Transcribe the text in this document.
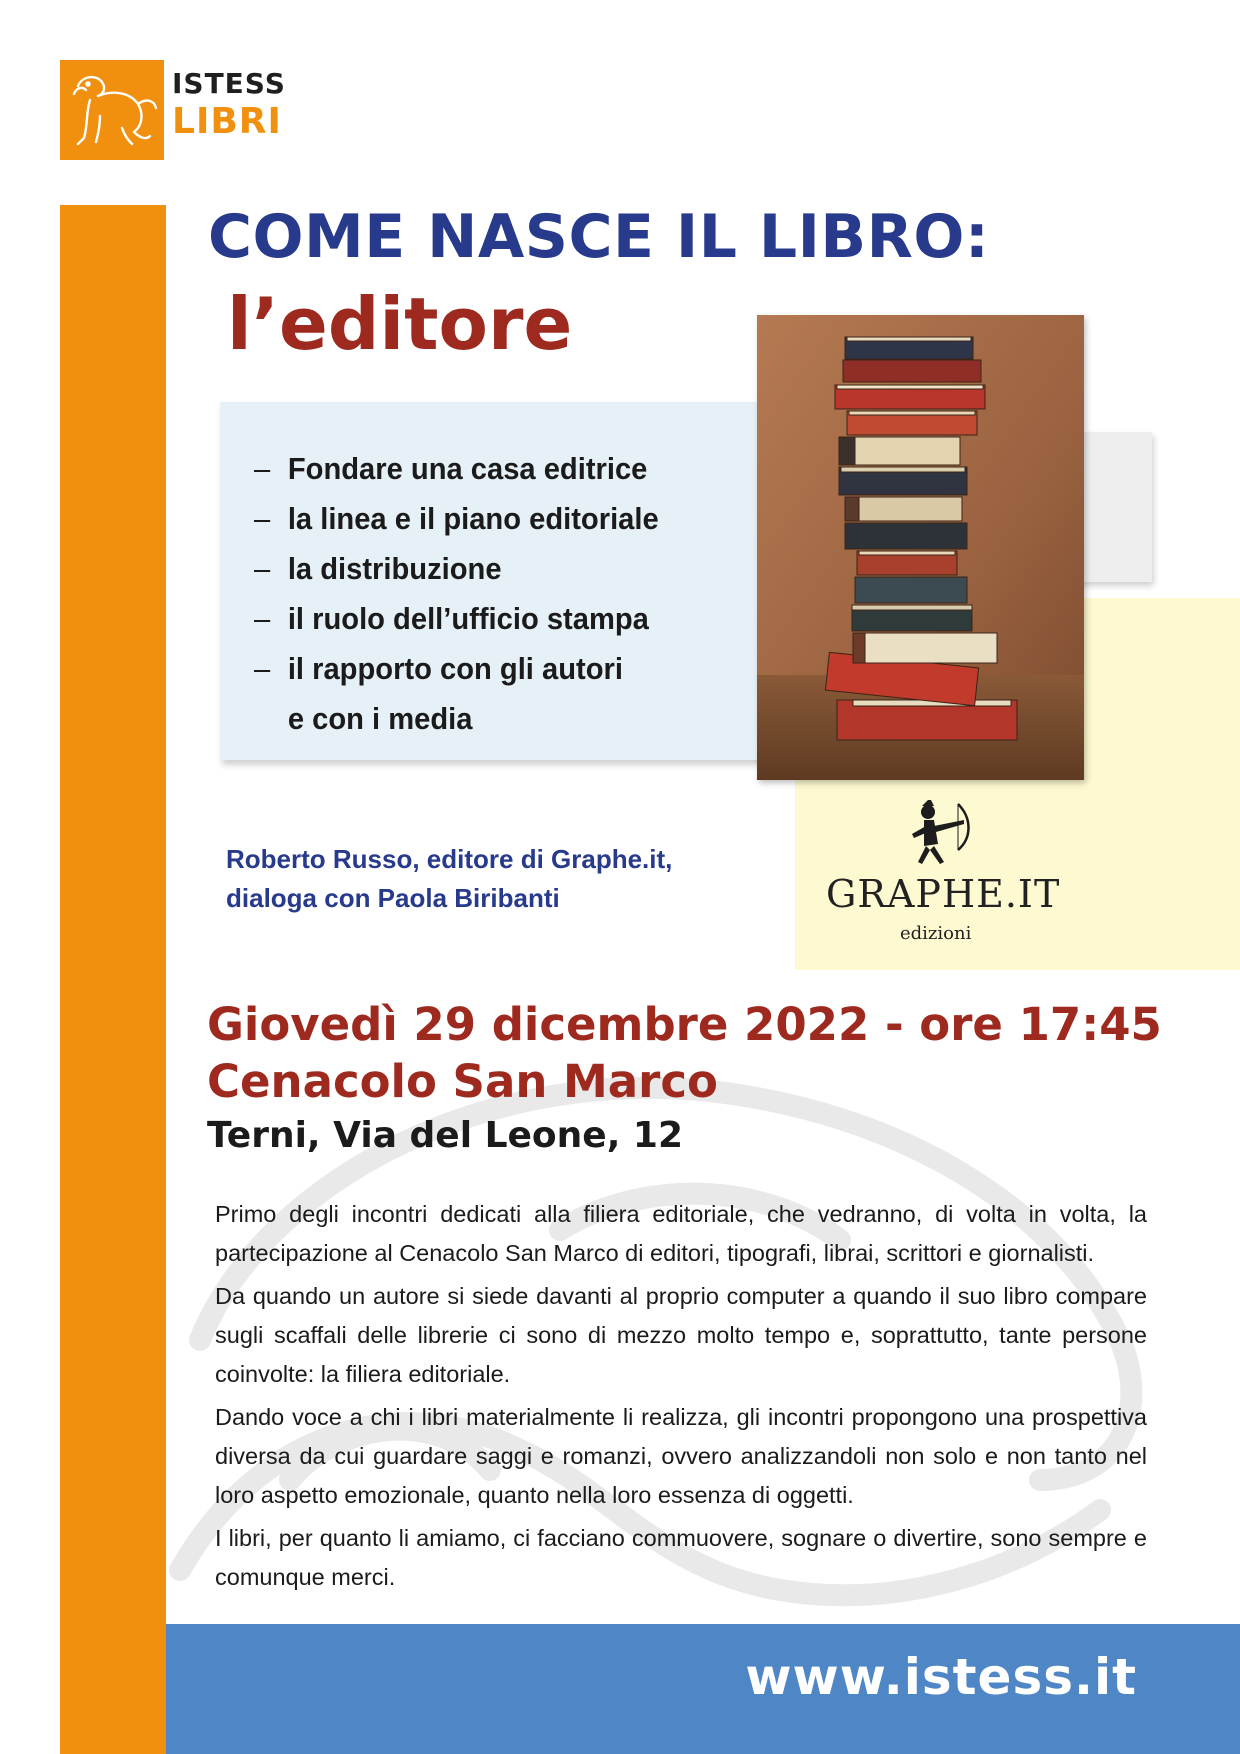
ISTESS
LIBRI
COME NASCE IL LIBRO:
l’editore
– Fondare una casa editrice
– la linea e il piano editoriale
– la distribuzione
– il ruolo dell’ufficio stampa
– il rapporto con gli autori
e con i media
Roberto Russo, editore di Graphe.it,
dialoga con Paola Biribanti	GRAPHE.IT
edizioni
Giovedì 29 dicembre 2022 - ore 17:45
Cenacolo San Marco
Terni, Via del Leone, 12

Primo degli incontri dedicati alla filiera editoriale, che vedranno, di volta in volta, la partecipazione al Cenacolo San Marco di editori, tipografi, librai, scrittori e giornalisti.

Da quando un autore si siede davanti al proprio computer a quando il suo libro compare sugli scaffali delle librerie ci sono di mezzo molto tempo e, soprattutto, tante persone coinvolte: la filiera editoriale.

Dando voce a chi i libri materialmente li realizza, gli incontri propongono una prospettiva diversa da cui guardare saggi e romanzi, ovvero analizzandoli non solo e non tanto nel loro aspetto emozionale, quanto nella loro essenza di oggetti.

I libri, per quanto li amiamo, ci facciano commuovere, sognare o divertire, sono sempre e comunque merci.

www.istess.it
